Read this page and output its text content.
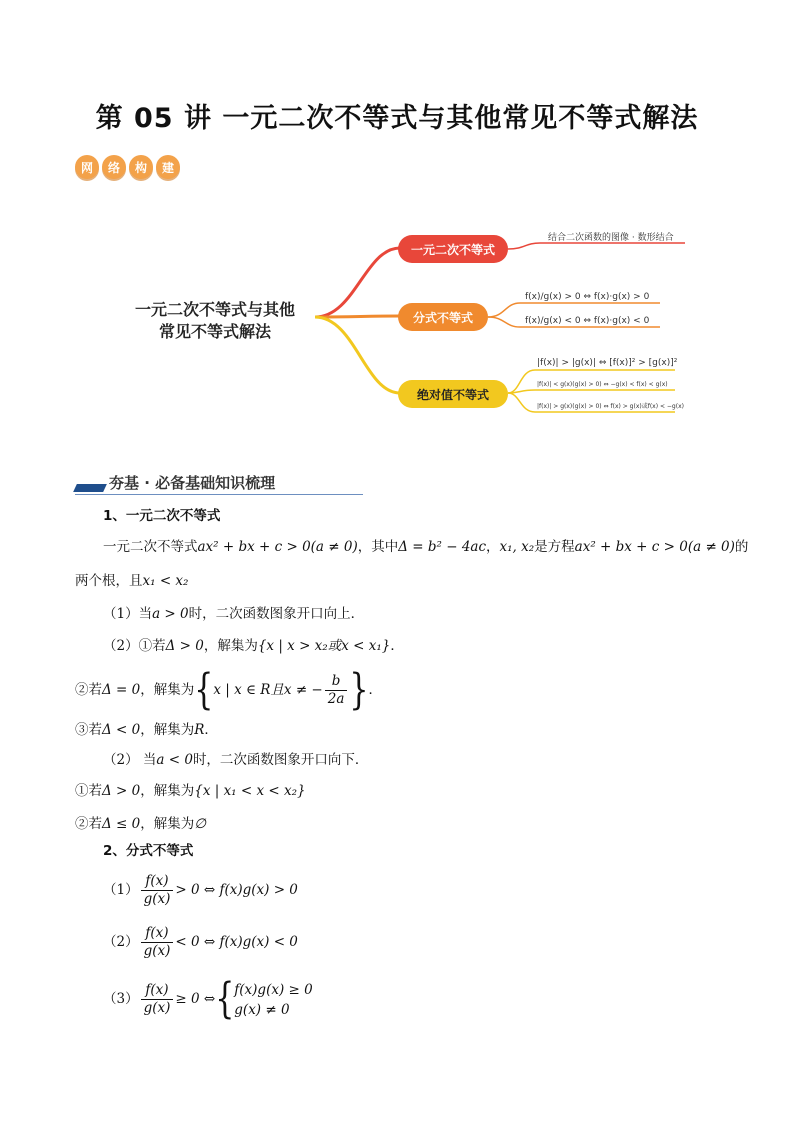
第 05 讲 一元二次不等式与其他常见不等式解法
网	络	构	建
一元二次不等式与其他
常见不等式解法
一元二次不等式
结合二次函数的图像 · 数形结合
分式不等式
f(x)/g(x) > 0 ⇔ f(x)·g(x) > 0
f(x)/g(x) < 0 ⇔ f(x)·g(x) < 0
绝对值不等式
|f(x)| > |g(x)| ⇔ [f(x)]² > [g(x)]²
|f(x)| < g(x)(g(x) > 0) ⇔ −g(x) < f(x) < g(x)
|f(x)| > g(x)(g(x) > 0) ⇔ f(x) > g(x)或f(x) < −g(x)
夯基 · 必备基础知识梳理
1、一元二次不等式
一元二次不等式ax² + bx + c > 0(a ≠ 0)，其中Δ = b² − 4ac，x₁, x₂是方程ax² + bx + c > 0(a ≠ 0)的
两个根，且x₁ < x₂
（1）当a > 0时，二次函数图象开口向上．
（2）①若Δ > 0，解集为{x | x > x₂或x < x₁}．
②若Δ = 0，解集为{x | x ∈ R且x ≠ − $\frac{b}{2a}$ }．
③若Δ < 0，解集为R．
（2） 当a < 0时，二次函数图象开口向下．
①若Δ > 0，解集为{x | x₁ < x < x₂}
②若Δ ≤ 0，解集为∅
2、分式不等式
$(1) \frac{f(x)}{g(x)} > 0$ ⇔ f(x)g(x) > 0
$(2) \frac{f(x)}{g(x)} < 0$ ⇔ f(x)g(x) < 0
$(3) \frac{f(x)}{g(x)} \ge 0$ ⇔{ f(x)g(x) ≥ 0
g(x) ≠ 0
